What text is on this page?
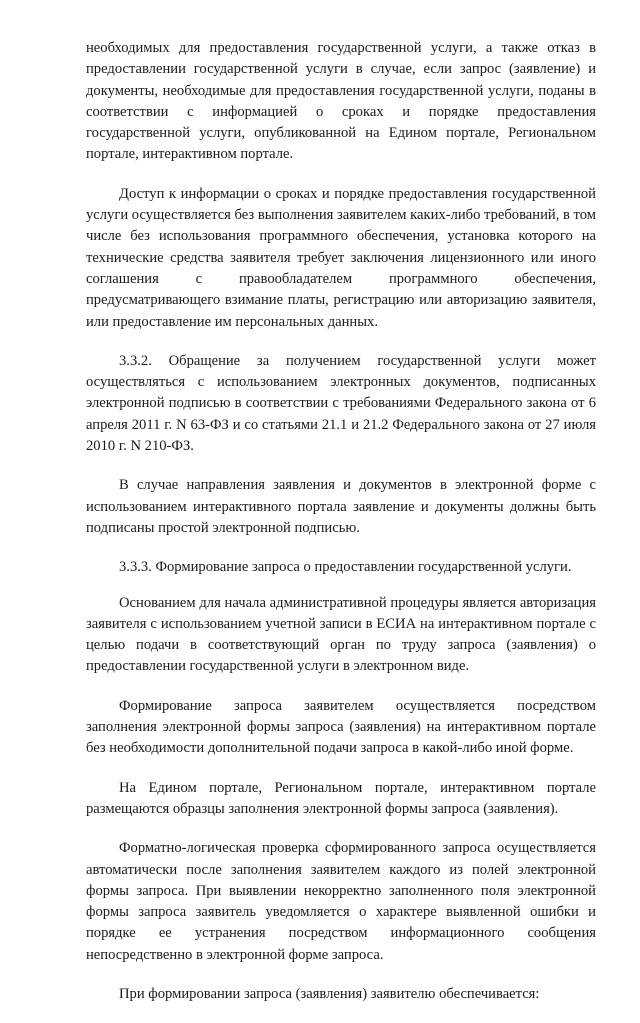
необходимых для предоставления государственной услуги, а также отказ в предоставлении государственной услуги в случае, если запрос (заявление) и документы, необходимые для предоставления государственной услуги, поданы в соответствии с информацией о сроках и порядке предоставления государственной услуги, опубликованной на Едином портале, Региональном портале, интерактивном портале.

Доступ к информации о сроках и порядке предоставления государственной услуги осуществляется без выполнения заявителем каких-либо требований, в том числе без использования программного обеспечения, установка которого на технические средства заявителя требует заключения лицензионного или иного соглашения с правообладателем программного обеспечения, предусматривающего взимание платы, регистрацию или авторизацию заявителя, или предоставление им персональных данных.

3.3.2. Обращение за получением государственной услуги может осуществляться с использованием электронных документов, подписанных электронной подписью в соответствии с требованиями Федерального закона от 6 апреля 2011 г. N 63-ФЗ и со статьями 21.1 и 21.2 Федерального закона от 27 июля 2010 г. N 210-ФЗ.

В случае направления заявления и документов в электронной форме с использованием интерактивного портала заявление и документы должны быть подписаны простой электронной подписью.

3.3.3. Формирование запроса о предоставлении государственной услуги.

Основанием для начала административной процедуры является авторизация заявителя с использованием учетной записи в ЕСИА на интерактивном портале с целью подачи в соответствующий орган по труду запроса (заявления) о предоставлении государственной услуги в электронном виде.

Формирование запроса заявителем осуществляется посредством заполнения электронной формы запроса (заявления) на интерактивном портале без необходимости дополнительной подачи запроса в какой-либо иной форме.

На Едином портале, Региональном портале, интерактивном портале размещаются образцы заполнения электронной формы запроса (заявления).

Форматно-логическая проверка сформированного запроса осуществляется автоматически после заполнения заявителем каждого из полей электронной формы запроса. При выявлении некорректно заполненного поля электронной формы запроса заявитель уведомляется о характере выявленной ошибки и порядке ее устранения посредством информационного сообщения непосредственно в электронной форме запроса.

При формировании запроса (заявления) заявителю обеспечивается:
